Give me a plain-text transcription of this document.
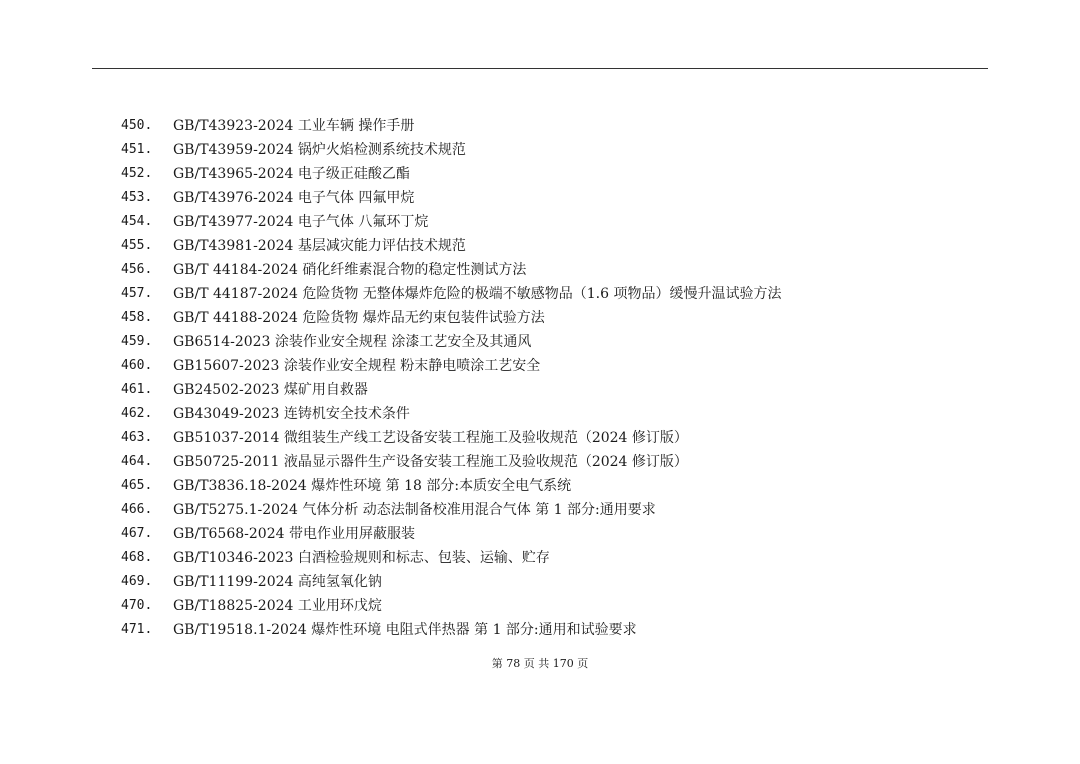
450.	GB/T43923-2024 工业车辆 操作手册
451.	GB/T43959-2024 锅炉火焰检测系统技术规范
452.	GB/T43965-2024 电子级正硅酸乙酯
453.	GB/T43976-2024 电子气体 四氟甲烷
454.	GB/T43977-2024 电子气体 八氟环丁烷
455.	GB/T43981-2024 基层减灾能力评估技术规范
456.	GB/T 44184-2024 硝化纤维素混合物的稳定性测试方法
457.	GB/T 44187-2024 危险货物 无整体爆炸危险的极端不敏感物品（1.6 项物品）缓慢升温试验方法
458.	GB/T 44188-2024 危险货物 爆炸品无约束包装件试验方法
459.	GB6514-2023 涂装作业安全规程 涂漆工艺安全及其通风
460.	GB15607-2023 涂装作业安全规程 粉末静电喷涂工艺安全
461.	GB24502-2023 煤矿用自救器
462.	GB43049-2023 连铸机安全技术条件
463.	GB51037-2014 微组装生产线工艺设备安装工程施工及验收规范（2024 修订版）
464.	GB50725-2011 液晶显示器件生产设备安装工程施工及验收规范（2024 修订版）
465.	GB/T3836.18-2024 爆炸性环境 第 18 部分:本质安全电气系统
466.	GB/T5275.1-2024 气体分析 动态法制备校准用混合气体 第 1 部分:通用要求
467.	GB/T6568-2024 带电作业用屏蔽服装
468.	GB/T10346-2023 白酒检验规则和标志、包装、运输、贮存
469.	GB/T11199-2024 高纯氢氧化钠
470.	GB/T18825-2024 工业用环戊烷
471.	GB/T19518.1-2024 爆炸性环境 电阻式伴热器 第 1 部分:通用和试验要求
第 78 页 共 170 页
